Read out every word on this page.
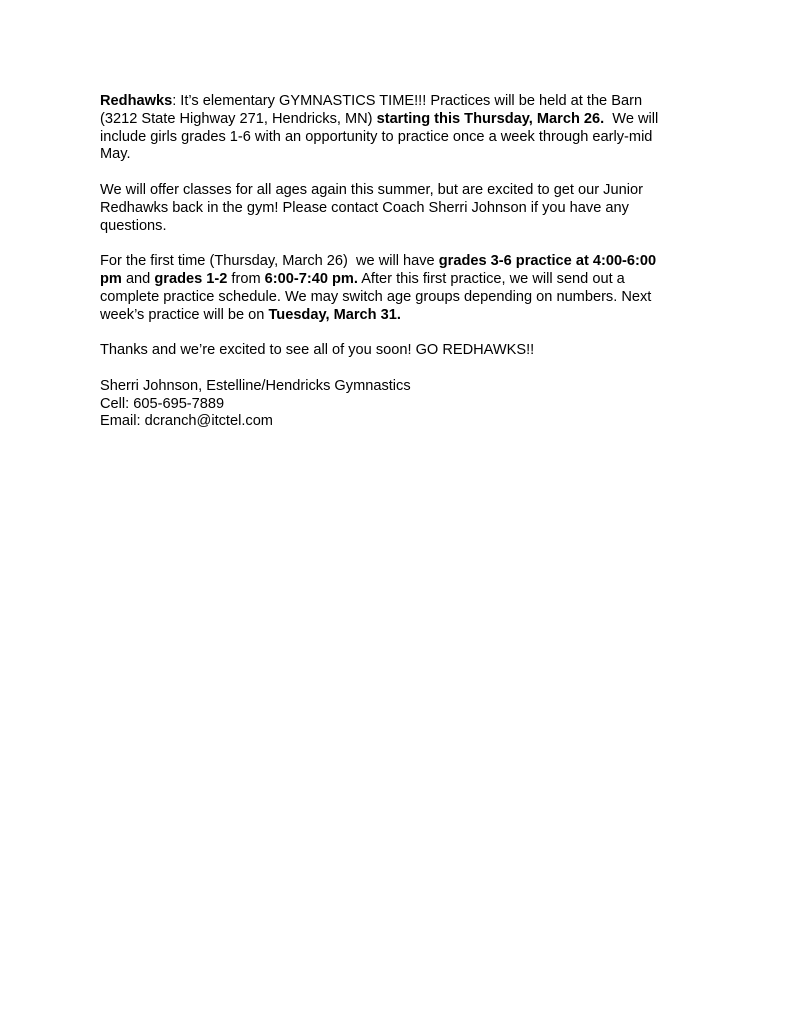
Redhawks: It’s elementary GYMNASTICS TIME!!! Practices will be held at the Barn
(3212 State Highway 271, Hendricks, MN) starting this Thursday, March 26.  We will
include girls grades 1-6 with an opportunity to practice once a week through early-mid
May.

We will offer classes for all ages again this summer, but are excited to get our Junior
Redhawks back in the gym! Please contact Coach Sherri Johnson if you have any
questions.

For the first time (Thursday, March 26)  we will have grades 3-6 practice at 4:00-6:00
pm and grades 1-2 from 6:00-7:40 pm. After this first practice, we will send out a
complete practice schedule. We may switch age groups depending on numbers. Next
week’s practice will be on Tuesday, March 31.

Thanks and we’re excited to see all of you soon! GO REDHAWKS!!

Sherri Johnson, Estelline/Hendricks Gymnastics
Cell: 605-695-7889
Email: dcranch@itctel.com
